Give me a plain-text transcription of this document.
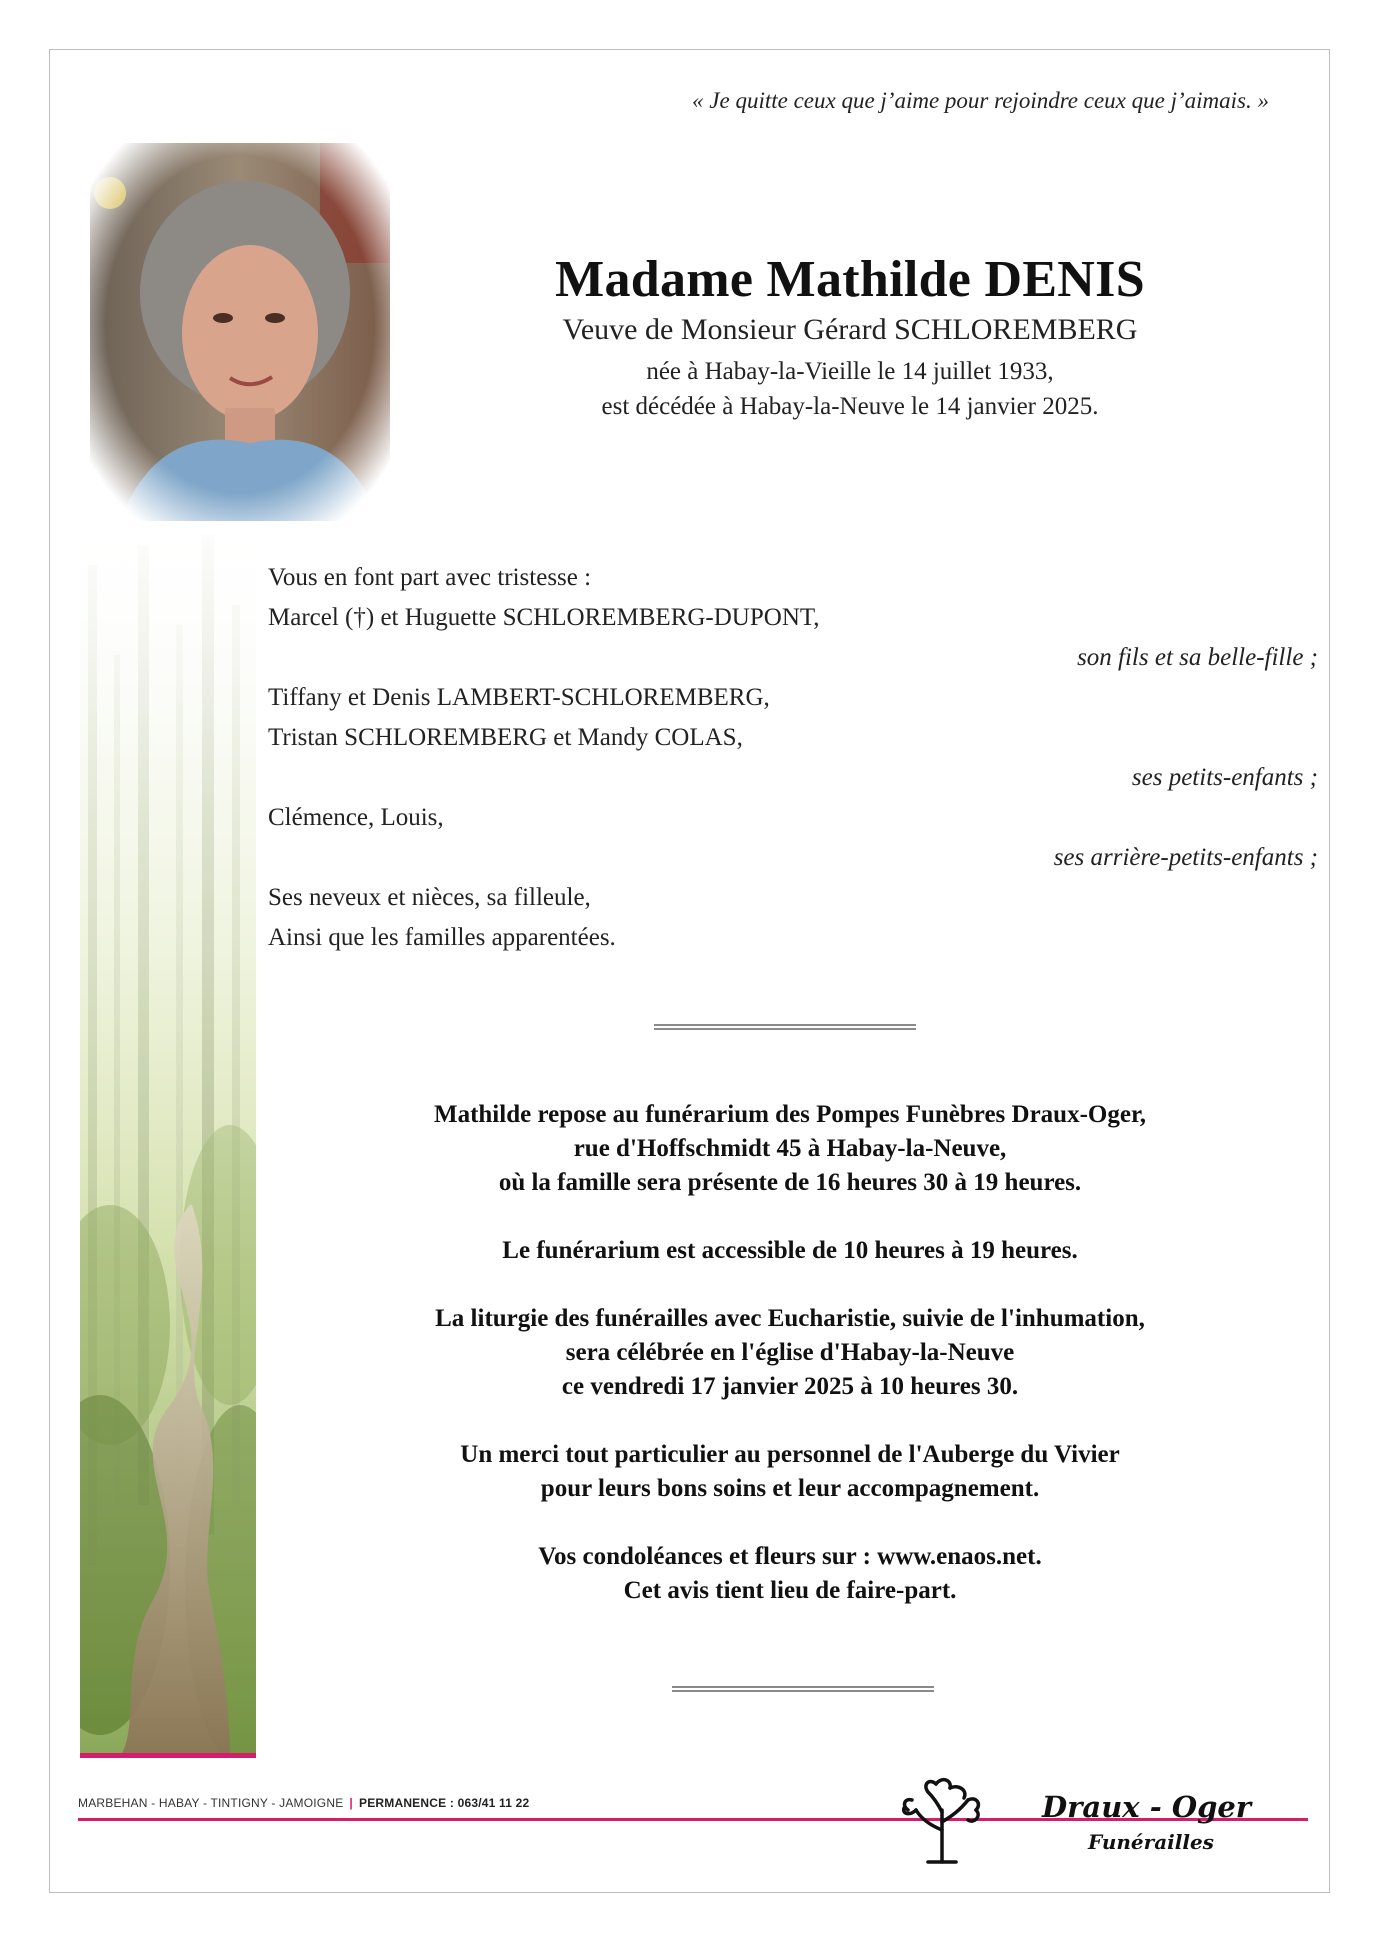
« Je quitte ceux que j’aime pour rejoindre ceux que j’aimais. »
Madame Mathilde DENIS
Veuve de Monsieur Gérard SCHLOREMBERG
née à Habay-la-Vieille le 14 juillet 1933,
est décédée à Habay-la-Neuve le 14 janvier 2025.
Vous en font part avec tristesse :
Marcel (†) et Huguette SCHLOREMBERG-DUPONT,
son fils et sa belle-fille ;
Tiffany et Denis LAMBERT-SCHLOREMBERG,
Tristan SCHLOREMBERG et Mandy COLAS,
ses petits-enfants ;
Clémence, Louis,
ses arrière-petits-enfants ;
Ses neveux et nièces, sa filleule,
Ainsi que les familles apparentées.
Mathilde repose au funérarium des Pompes Funèbres Draux-Oger,
rue d'Hoffschmidt 45 à Habay-la-Neuve,
où la famille sera présente de 16 heures 30 à 19 heures.
Le funérarium est accessible de 10 heures à 19 heures.
La liturgie des funérailles avec Eucharistie, suivie de l'inhumation,
sera célébrée en l'église d'Habay-la-Neuve
ce vendredi 17 janvier 2025 à 10 heures 30.
Un merci tout particulier au personnel de l'Auberge du Vivier
pour leurs bons soins et leur accompagnement.
Vos condoléances et fleurs sur : www.enaos.net.
Cet avis tient lieu de faire-part.
MARBEHAN - HABAY - TINTIGNY - JAMOIGNE | PERMANENCE : 063/41 11 22	Draux - Oger
Funérailles
